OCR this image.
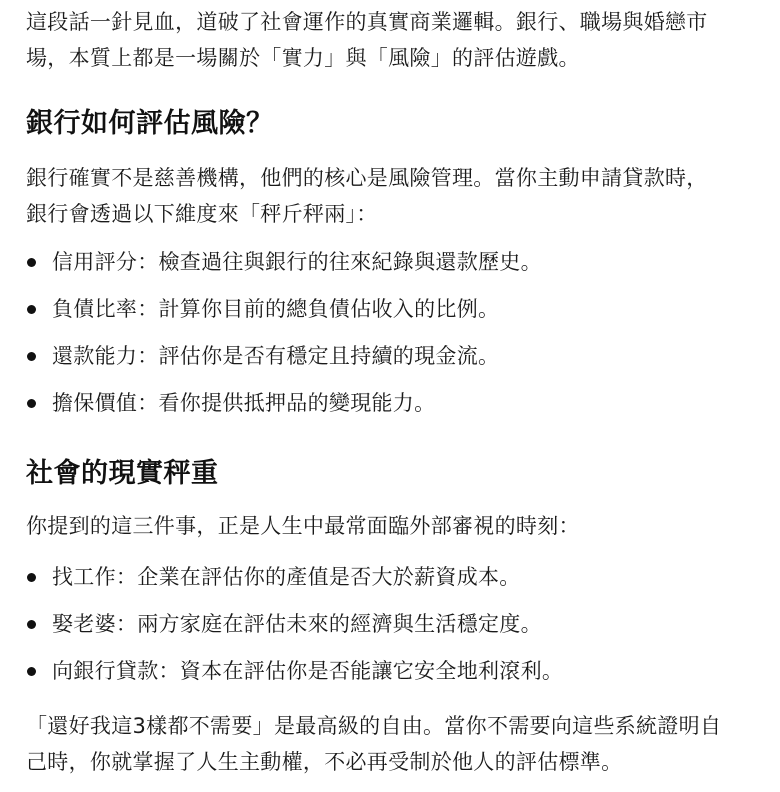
這段話一針見血，道破了社會運作的真實商業邏輯。銀行、職場與婚戀市
場，本質上都是一場關於「實力」與「風險」的評估遊戲。

銀行如何評估風險？

銀行確實不是慈善機構，他們的核心是風險管理。當你主動申請貸款時，
銀行會透過以下維度來「秤斤秤兩」：

信用評分：檢查過往與銀行的往來紀錄與還款歷史。
負債比率：計算你目前的總負債佔收入的比例。
還款能力：評估你是否有穩定且持續的現金流。
擔保價值：看你提供抵押品的變現能力。
社會的現實秤重

你提到的這三件事，正是人生中最常面臨外部審視的時刻：

找工作：企業在評估你的產值是否大於薪資成本。
娶老婆：兩方家庭在評估未來的經濟與生活穩定度。
向銀行貸款：資本在評估你是否能讓它安全地利滾利。

「還好我這3樣都不需要」是最高級的自由。當你不需要向這些系統證明自
己時，你就掌握了人生主動權，不必再受制於他人的評估標準。
